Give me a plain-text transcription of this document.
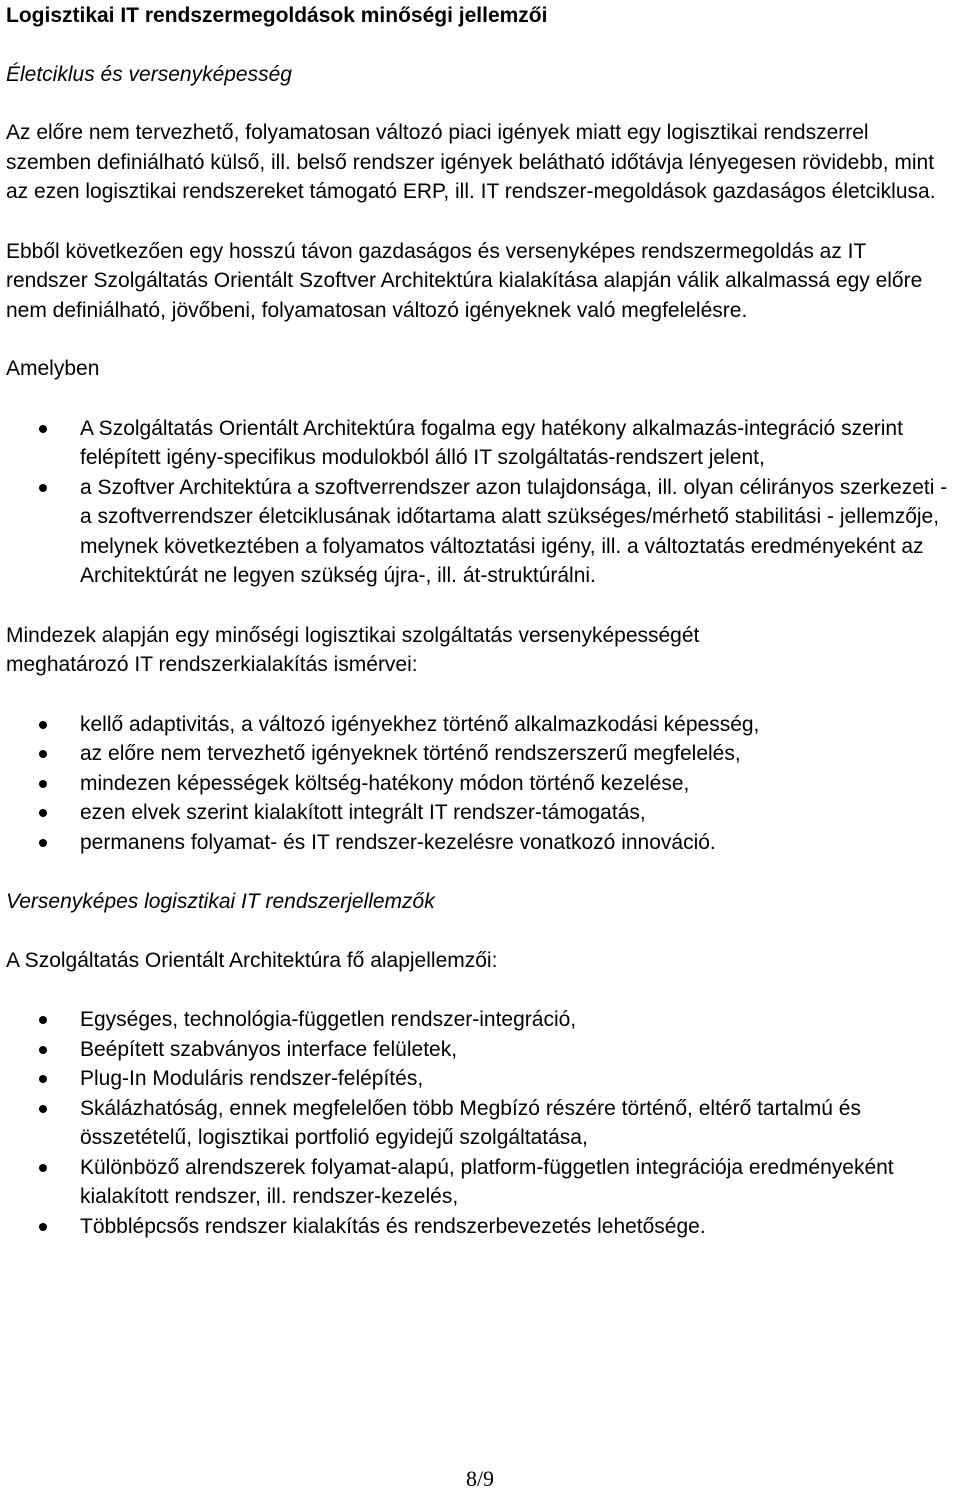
Logisztikai IT rendszermegoldások minőségi jellemzői

Életciklus és versenyképesség

Az előre nem tervezhető, folyamatosan változó piaci igények miatt egy logisztikai rendszerrel szemben definiálható külső, ill. belső rendszer igények belátható időtávja lényegesen rövidebb, mint az ezen logisztikai rendszereket támogató ERP, ill. IT rendszer-megoldások gazdaságos életciklusa.

Ebből következően egy hosszú távon gazdaságos és versenyképes rendszermegoldás az IT rendszer Szolgáltatás Orientált Szoftver Architektúra kialakítása alapján válik alkalmassá egy előre nem definiálható, jövőbeni, folyamatosan változó igényeknek való megfelelésre.

Amelyben

A Szolgáltatás Orientált Architektúra fogalma egy hatékony alkalmazás-integráció szerint felépített igény-specifikus modulokból álló IT szolgáltatás-rendszert jelent,
a Szoftver Architektúra a szoftverrendszer azon tulajdonsága, ill. olyan célirányos szerkezeti - a szoftverrendszer életciklusának időtartama alatt szükséges/mérhető stabilitási - jellemzője, melynek következtében a folyamatos változtatási igény, ill. a változtatás eredményeként az Architektúrát ne legyen szükség újra-, ill. át-struktúrálni.

Mindezek alapján egy minőségi logisztikai szolgáltatás versenyképességét meghatározó IT rendszerkialakítás ismérvei:

kellő adaptivitás, a változó igényekhez történő alkalmazkodási képesség,
az előre nem tervezhető igényeknek történő rendszerszerű megfelelés,
mindezen képességek költség-hatékony módon történő kezelése,
ezen elvek szerint kialakított integrált IT rendszer-támogatás,
permanens folyamat- és IT rendszer-kezelésre vonatkozó innováció.

Versenyképes logisztikai IT rendszerjellemzők

A Szolgáltatás Orientált Architektúra fő alapjellemzői:

Egységes, technológia-független rendszer-integráció,
Beépített szabványos interface felületek,
Plug-In Moduláris rendszer-felépítés,
Skálázhatóság, ennek megfelelően több Megbízó részére történő, eltérő tartalmú és összetételű, logisztikai portfolió egyidejű szolgáltatása,
Különböző alrendszerek folyamat-alapú, platform-független integrációja eredményeként kialakított rendszer, ill. rendszer-kezelés,
Többlépcsős rendszer kialakítás és rendszerbevezetés lehetősége.
8/9
